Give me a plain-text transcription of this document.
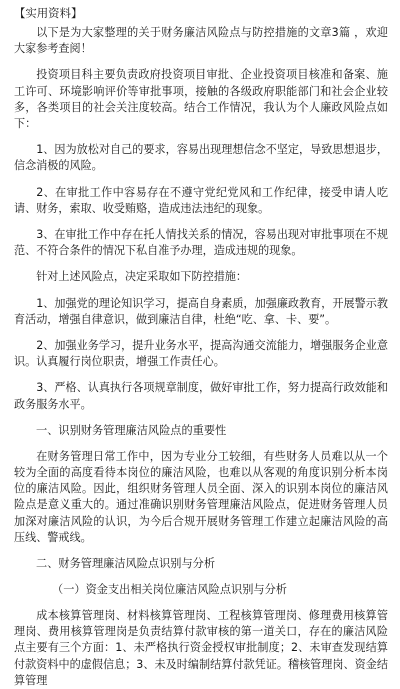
【实用资料】

以下是为大家整理的关于财务廉洁风险点与防控措施的文章3篇 ，欢迎大家参考查阅！

投资项目科主要负责政府投资项目审批、企业投资项目核准和备案、施工许可、环境影响评价等审批事项，接触的各级政府职能部门和社会企业较多，各类项目的社会关注度较高。结合工作情况，我认为个人廉政风险点如下：

1、因为放松对自己的要求，容易出现理想信念不坚定，导致思想退步，信念消极的风险。

2、在审批工作中容易存在不遵守党纪党风和工作纪律，接受申请人吃请、财务，索取、收受贿赂，造成违法违纪的现象。

3、在审批工作中存在托人情找关系的情况，容易出现对审批事项在不规范、不符合条件的情况下私自准予办理，造成违规的现象。

针对上述风险点，决定采取如下防控措施：

1、加强党的理论知识学习，提高自身素质，加强廉政教育，开展警示教育活动，增强自律意识，做到廉洁自律，杜绝“吃、拿、卡、要”。

2、加强业务学习，提升业务水平，提高沟通交流能力，增强服务企业意识。认真履行岗位职责，增强工作责任心。

3、严格、认真执行各项规章制度，做好审批工作，努力提高行政效能和政务服务水平。

一、识别财务管理廉洁风险点的重要性

在财务管理日常工作中，因为专业分工较细，有些财务人员难以从一个较为全面的高度看待本岗位的廉洁风险，也难以从客观的角度识别分析本岗位的廉洁风险。因此，组织财务管理人员全面、深入的识别本岗位的廉洁风险点是意义重大的。通过准确识别财务管理廉洁风险点，促进财务管理人员加深对廉洁风险的认识，为今后合规开展财务管理工作建立起廉洁风险的高压线、警戒线。

二、财务管理廉洁风险点识别与分析
（一）资金支出相关岗位廉洁风险点识别与分析

成本核算管理岗、材料核算管理岗、工程核算管理岗、修理费用核算管理岗、费用核算管理岗是负责结算付款审核的第一道关口，存在的廉洁风险点主要有三个方面：1、未严格执行资金授权审批制度；2、未审查发现结算付款资料中的虚假信息；3、未及时编制结算付款凭证。稽核管理岗、资金结算管理
